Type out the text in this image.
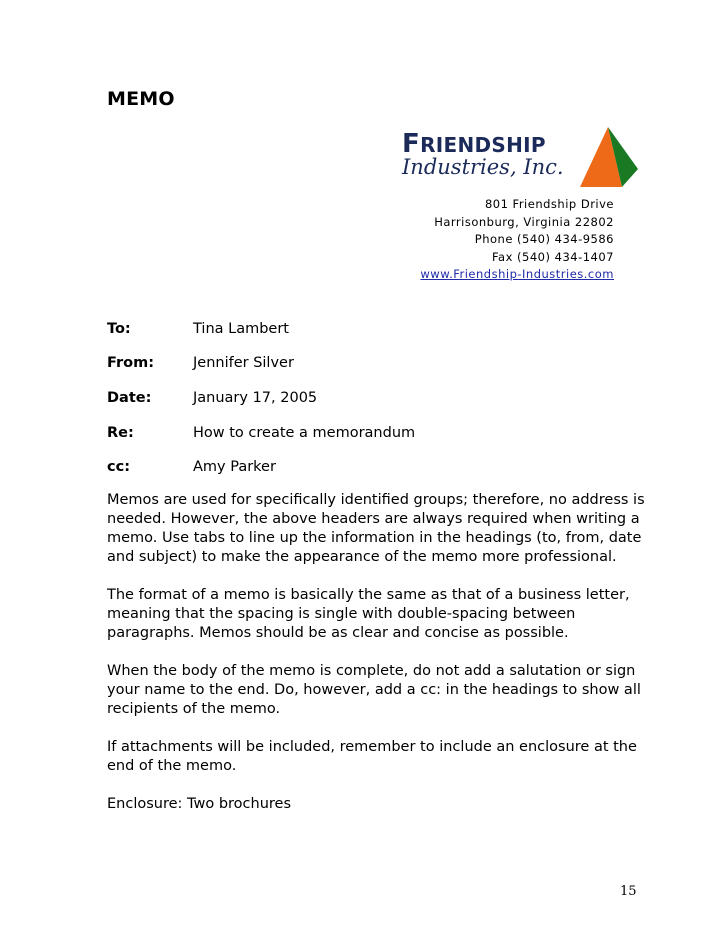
MEMO
FRIENDSHIP
Industries, Inc.
801 Friendship Drive
Harrisonburg, Virginia 22802
Phone (540) 434-9586
Fax (540) 434-1407
www.Friendship-Industries.com
To:	Tina Lambert
From:	Jennifer Silver
Date:	January 17, 2005
Re:	How to create a memorandum
cc:	Amy Parker

Memos are used for specifically identified groups; therefore, no address is needed. However, the above headers are always required when writing a memo. Use tabs to line up the information in the headings (to, from, date and subject) to make the appearance of the memo more professional.

The format of a memo is basically the same as that of a business letter, meaning that the spacing is single with double-spacing between paragraphs. Memos should be as clear and concise as possible.

When the body of the memo is complete, do not add a salutation or sign your name to the end. Do, however, add a cc: in the headings to show all recipients of the memo.

If attachments will be included, remember to include an enclosure at the end of the memo.

Enclosure: Two brochures

15
